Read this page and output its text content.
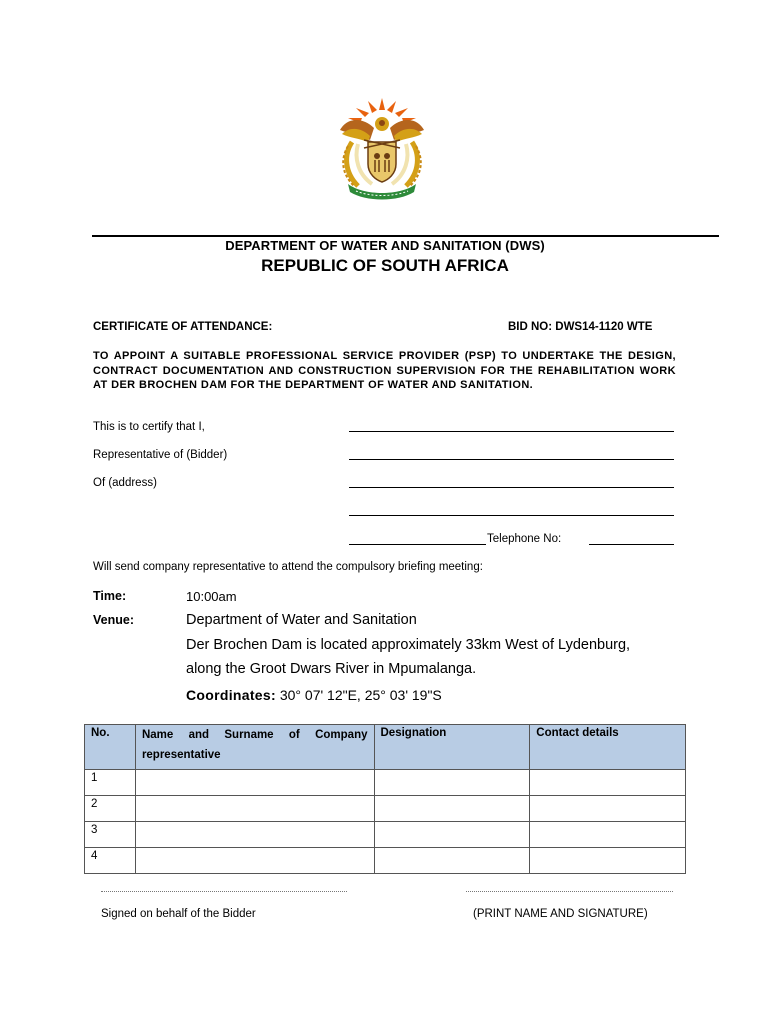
DEPARTMENT OF WATER AND SANITATION (DWS)
REPUBLIC OF SOUTH AFRICA
CERTIFICATE OF ATTENDANCE:	BID NO: DWS14-1120 WTE
TO APPOINT A SUITABLE PROFESSIONAL SERVICE PROVIDER (PSP) TO UNDERTAKE THE DESIGN, CONTRACT DOCUMENTATION AND CONSTRUCTION SUPERVISION FOR THE REHABILITATION WORK AT DER BROCHEN DAM FOR THE DEPARTMENT OF WATER AND SANITATION.
This is to certify that I,
Representative of (Bidder)
Of (address)
Telephone No:
Will send company representative to attend the compulsory briefing meeting:
Time:	10:00am
Venue:	Department of Water and Sanitation
Der Brochen Dam is located approximately 33km West of Lydenburg,
along the Groot Dwars River in Mpumalanga.
Coordinates: 30° 07' 12"E, 25° 03' 19"S
No.	Name and Surname of Company representative	Designation	Contact details
1			
2			
3			
4			
Signed on behalf of the Bidder	(PRINT NAME AND SIGNATURE)
